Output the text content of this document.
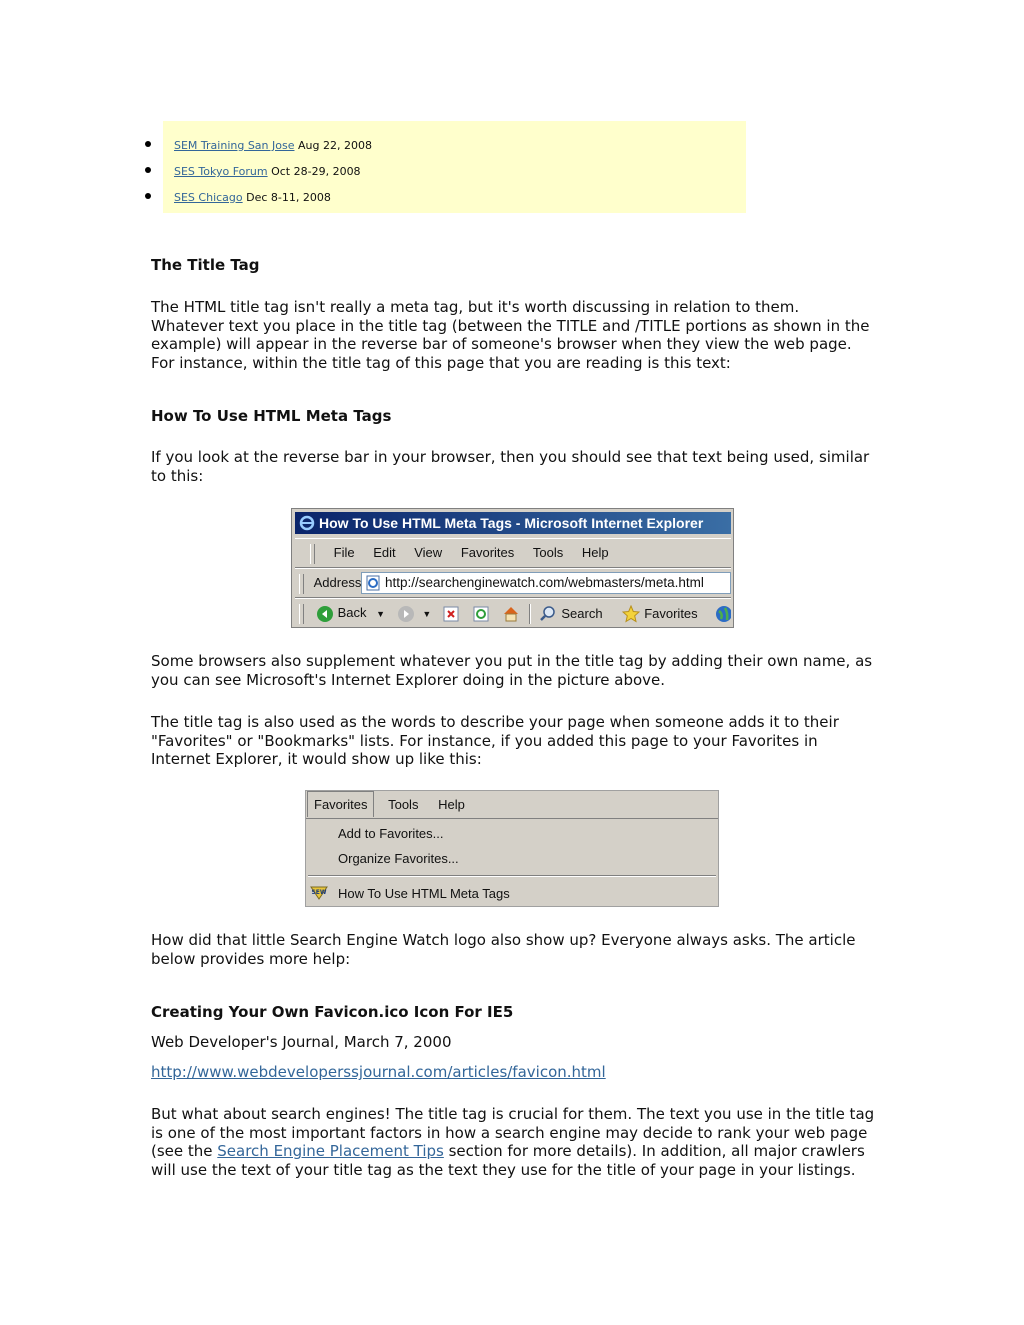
SEM Training San Jose Aug 22, 2008
SES Tokyo Forum Oct 28-29, 2008
SES Chicago Dec 8-11, 2008
The Title Tag

The HTML title tag isn't really a meta tag, but it's worth discussing in relation to them. Whatever text you place in the title tag (between the TITLE and /TITLE portions as shown in the example) will appear in the reverse bar of someone's browser when they view the web page. For instance, within the title tag of this page that you are reading is this text:

How To Use HTML Meta Tags

If you look at the reverse bar in your browser, then you should see that text being used, similar to this:

How To Use HTML Meta Tags - Microsoft Internet Explorer
File Edit View Favorites Tools Help
Address	http://searchenginewatch.com/webmasters/meta.html
Back ▼	▼	Search	Favorites

Some browsers also supplement whatever you put in the title tag by adding their own name, as you can see Microsoft's Internet Explorer doing in the picture above.

The title tag is also used as the words to describe your page when someone adds it to their "Favorites" or "Bookmarks" lists. For instance, if you added this page to your Favorites in Internet Explorer, it would show up like this:

Favorites Tools Help
Add to Favorites...
Organize Favorites...
SEW How To Use HTML Meta Tags

How did that little Search Engine Watch logo also show up? Everyone always asks. The article below provides more help:

Creating Your Own Favicon.ico Icon For IE5

Web Developer's Journal, March 7, 2000

http://www.webdeveloperssjournal.com/articles/favicon.html

But what about search engines! The title tag is crucial for them. The text you use in the title tag is one of the most important factors in how a search engine may decide to rank your web page (see the Search Engine Placement Tips section for more details). In addition, all major crawlers will use the text of your title tag as the text they use for the title of your page in your listings.
